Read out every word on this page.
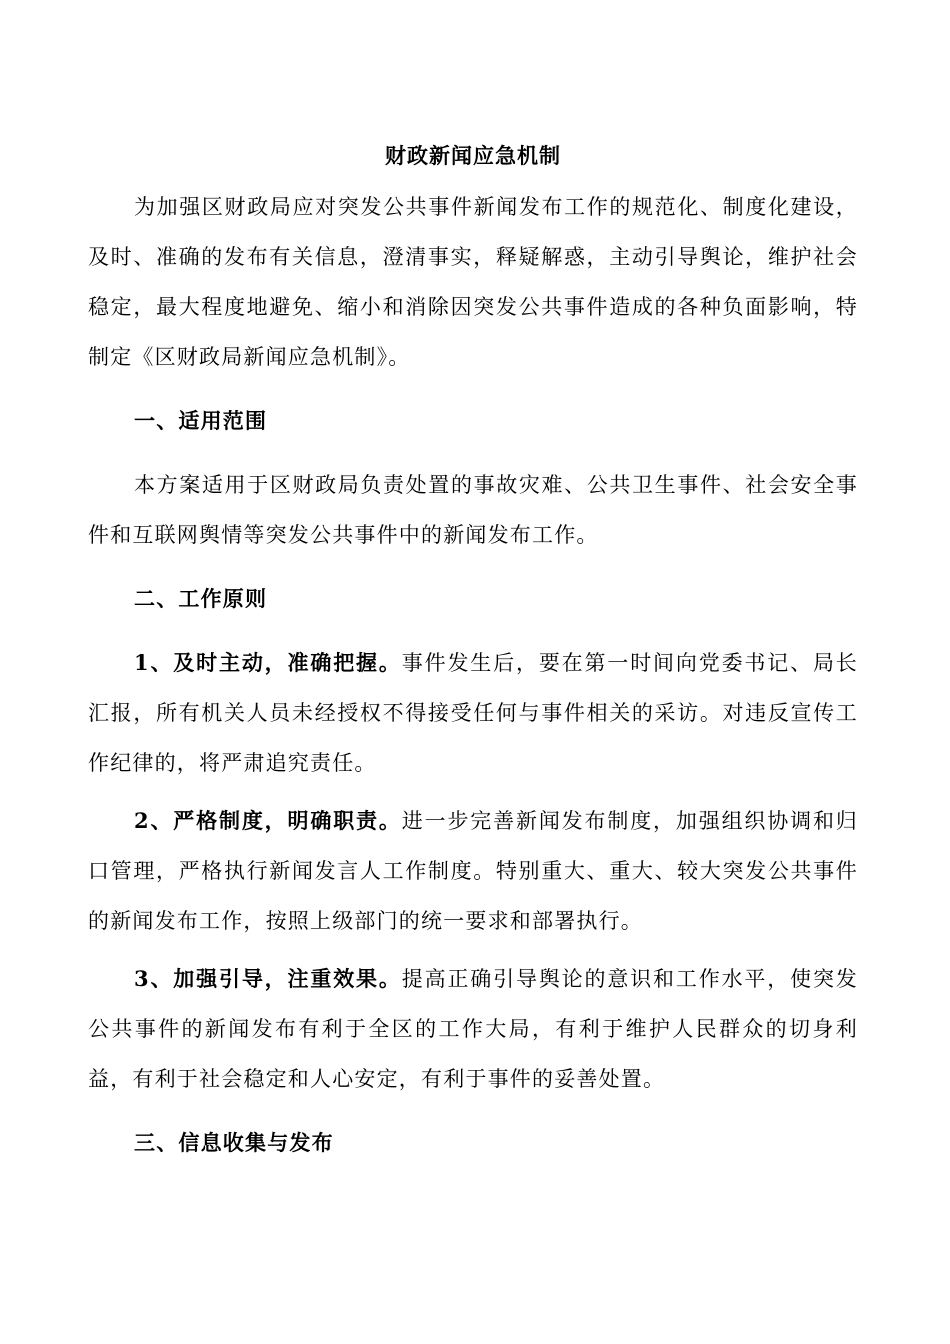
财政新闻应急机制

为加强区财政局应对突发公共事件新闻发布工作的规范化、制度化建设，及时、准确的发布有关信息，澄清事实，释疑解惑，主动引导舆论，维护社会稳定，最大程度地避免、缩小和消除因突发公共事件造成的各种负面影响，特制定《区财政局新闻应急机制》。

一、适用范围

本方案适用于区财政局负责处置的事故灾难、公共卫生事件、社会安全事件和互联网舆情等突发公共事件中的新闻发布工作。

二、工作原则

1、及时主动，准确把握。事件发生后，要在第一时间向党委书记、局长汇报，所有机关人员未经授权不得接受任何与事件相关的采访。对违反宣传工作纪律的，将严肃追究责任。

2、严格制度，明确职责。进一步完善新闻发布制度，加强组织协调和归口管理，严格执行新闻发言人工作制度。特别重大、重大、较大突发公共事件的新闻发布工作，按照上级部门的统一要求和部署执行。

3、加强引导，注重效果。提高正确引导舆论的意识和工作水平，使突发公共事件的新闻发布有利于全区的工作大局，有利于维护人民群众的切身利益，有利于社会稳定和人心安定，有利于事件的妥善处置。

三、信息收集与发布
